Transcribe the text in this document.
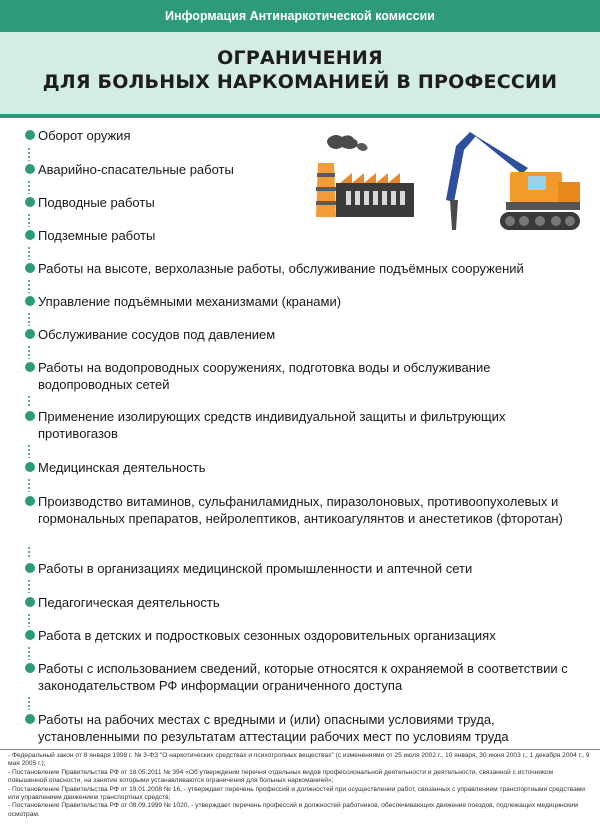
Информация Антинаркотической комиссии
ОГРАНИЧЕНИЯ
ДЛЯ БОЛЬНЫХ НАРКОМАНИЕЙ В ПРОФЕССИИ
Оборот оружия
Аварийно-спасательные работы
Подводные работы
Подземные работы
Работы на высоте, верхолазные работы, обслуживание подъёмных сооружений
Управление подъёмными механизмами (кранами)
Обслуживание сосудов под давлением
Работы на водопроводных сооружениях, подготовка воды и обслуживание водопроводных сетей
Применение изолирующих средств индивидуальной защиты и фильтрующих противогазов
Медицинская деятельность
Производство витаминов, сульфаниламидных, пиразолоновых, противоопухолевых и гормональных препаратов, нейролептиков, антикоагулянтов и анестетиков (фторотан)
Работы в организациях медицинской промышленности и аптечной сети
Педагогическая деятельность
Работа в детских и подростковых сезонных оздоровительных организациях
Работы с использованием сведений, которые относятся к охраняемой в соответствии с законодательством РФ информации ограниченного доступа
Работы на рабочих местах с вредными и (или) опасными условиями труда, установленными по результатам аттестации рабочих мест по условиям труда

- Федеральный закон от 8 января 1998 г. № 3-ФЗ "О наркотических средствах и психотропных веществах" (с изменениями от 25 июля 2002 г., 10 января, 30 июня 2003 г., 1 декабря 2004 г., 9 мая 2005 г.);

- Постановление Правительства РФ от 18.05.2011 № 394 «Об утверждении перечня отдельных видов профессиональной деятельности и деятельности, связанной с источником повышенной опасности, на занятие которыми устанавливаются ограничения для больных наркоманией»;

- Постановление Правительства РФ от 19.01.2008 № 16, - утверждает перечень профессий и должностей при осуществлении работ, связанных с управлением транспортными средствами или управлением движением транспортных средств;

- Постановление Правительства РФ от 08.09.1999 № 1020, - утверждает перечень профессий и должностей работников, обеспечивающих движение поездов, подлежащих медицинским осмотрам.
